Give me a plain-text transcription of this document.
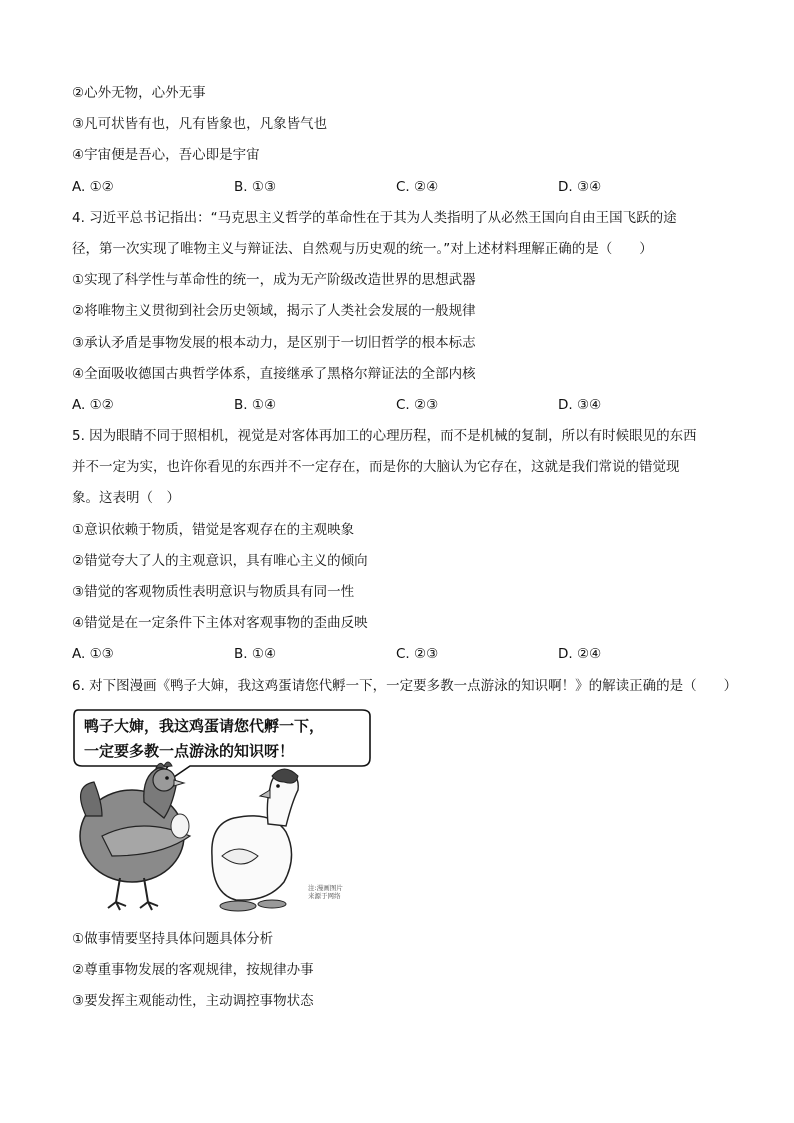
②心外无物，心外无事
③凡可状皆有也，凡有皆象也，凡象皆气也
④宇宙便是吾心，吾心即是宇宙
A. ①②	B. ①③	C. ②④	D. ③④
4. 习近平总书记指出：“马克思主义哲学的革命性在于其为人类指明了从必然王国向自由王国飞跃的途
径，第一次实现了唯物主义与辩证法、自然观与历史观的统一。”对上述材料理解正确的是（　　）
①实现了科学性与革命性的统一，成为无产阶级改造世界的思想武器
②将唯物主义贯彻到社会历史领域，揭示了人类社会发展的一般规律
③承认矛盾是事物发展的根本动力，是区别于一切旧哲学的根本标志
④全面吸收德国古典哲学体系，直接继承了黑格尔辩证法的全部内核
A. ①②	B. ①④	C. ②③	D. ③④
5. 因为眼睛不同于照相机，视觉是对客体再加工的心理历程，而不是机械的复制，所以有时候眼见的东西
并不一定为实，也许你看见的东西并不一定存在，而是你的大脑认为它存在，这就是我们常说的错觉现
象。这表明（　）
①意识依赖于物质，错觉是客观存在的主观映象
②错觉夸大了人的主观意识，具有唯心主义的倾向
③错觉的客观物质性表明意识与物质具有同一性
④错觉是在一定条件下主体对客观事物的歪曲反映
A. ①③	B. ①④	C. ②③	D. ②④
6. 对下图漫画《鸭子大婶，我这鸡蛋请您代孵一下，一定要多教一点游泳的知识啊！》的解读正确的是（　　）
鸭子大婶，我这鸡蛋请您代孵一下，
一定要多教一点游泳的知识呀！
注:漫画图片
来源于网络
①做事情要坚持具体问题具体分析
②尊重事物发展的客观规律，按规律办事
③要发挥主观能动性，主动调控事物状态
